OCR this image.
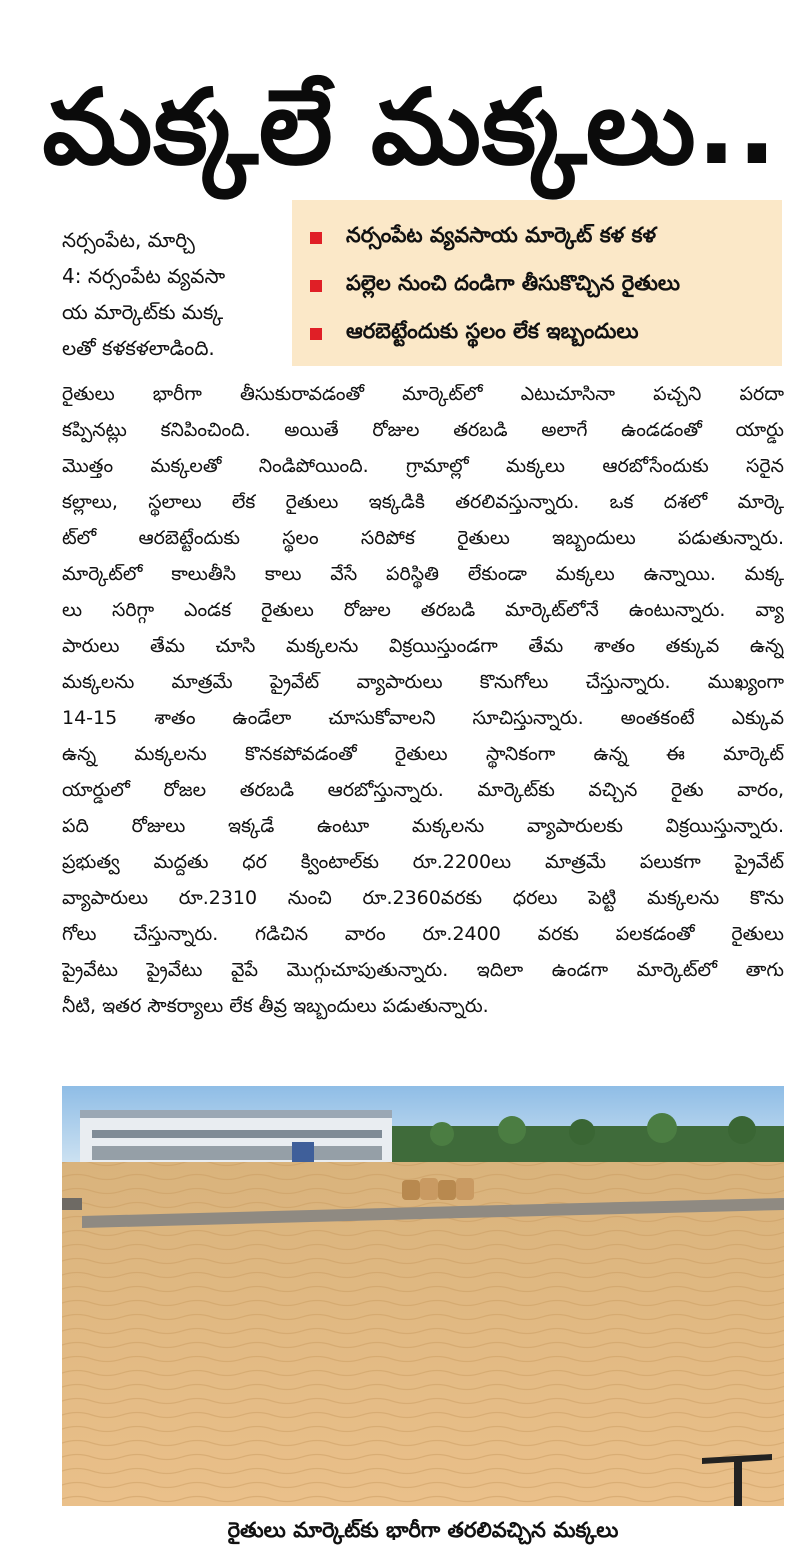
మక్కలే మక్కలు..
నర్సంపేట, మార్చి
4: నర్సంపేట వ్యవసా
య మార్కెట్‌కు మక్క
లతో కళకళలాడింది.
నర్సంపేట వ్యవసాయ మార్కెట్ కళ కళ
పల్లెల నుంచి దండిగా తీసుకొచ్చిన రైతులు
ఆరబెట్టేందుకు స్థలం లేక ఇబ్బందులు
రైతులు భారీగా తీసుకురావడంతో మార్కెట్‌లో ఎటుచూసినా పచ్చని పరదా
కప్పినట్లు కనిపించింది. అయితే రోజుల తరబడి అలాగే ఉండడంతో యార్డు
మొత్తం మక్కలతో నిండిపోయింది. గ్రామాల్లో మక్కలు ఆరబోసేందుకు సరైన
కల్లాలు, స్థలాలు లేక రైతులు ఇక్కడికి తరలివస్తున్నారు. ఒక దశలో మార్కె
ట్‌లో ఆరబెట్టేందుకు స్థలం సరిపోక రైతులు ఇబ్బందులు పడుతున్నారు.
మార్కెట్‌లో కాలుతీసి కాలు వేసే పరిస్థితి లేకుండా మక్కలు ఉన్నాయి. మక్క
లు సరిగ్గా ఎండక రైతులు రోజుల తరబడి మార్కెట్‌లోనే ఉంటున్నారు. వ్యా
పారులు తేమ చూసి మక్కలను విక్రయిస్తుండగా తేమ శాతం తక్కువ ఉన్న
మక్కలను మాత్రమే ప్రైవేట్ వ్యాపారులు కొనుగోలు చేస్తున్నారు. ముఖ్యంగా
14-15 శాతం ఉండేలా చూసుకోవాలని సూచిస్తున్నారు. అంతకంటే ఎక్కువ
ఉన్న మక్కలను కొనకపోవడంతో రైతులు స్థానికంగా ఉన్న ఈ మార్కెట్
యార్డులో రోజల తరబడి ఆరబోస్తున్నారు. మార్కెట్‌కు వచ్చిన రైతు వారం,
పది రోజులు ఇక్కడే ఉంటూ మక్కలను వ్యాపారులకు విక్రయిస్తున్నారు.
ప్రభుత్వ మద్దతు ధర క్వింటాల్‌కు రూ.2200లు మాత్రమే పలుకగా ప్రైవేట్
వ్యాపారులు రూ.2310 నుంచి రూ.2360వరకు ధరలు పెట్టి మక్కలను కొను
గోలు చేస్తున్నారు. గడిచిన వారం రూ.2400 వరకు పలకడంతో రైతులు
ప్రైవేటు ప్రైవేటు వైపే మొగ్గుచూపుతున్నారు. ఇదిలా ఉండగా మార్కెట్‌లో తాగు
నీటి, ఇతర సౌకర్యాలు లేక తీవ్ర ఇబ్బందులు పడుతున్నారు.
రైతులు మార్కెట్‌కు భారీగా తరలివచ్చిన మక్కలు
